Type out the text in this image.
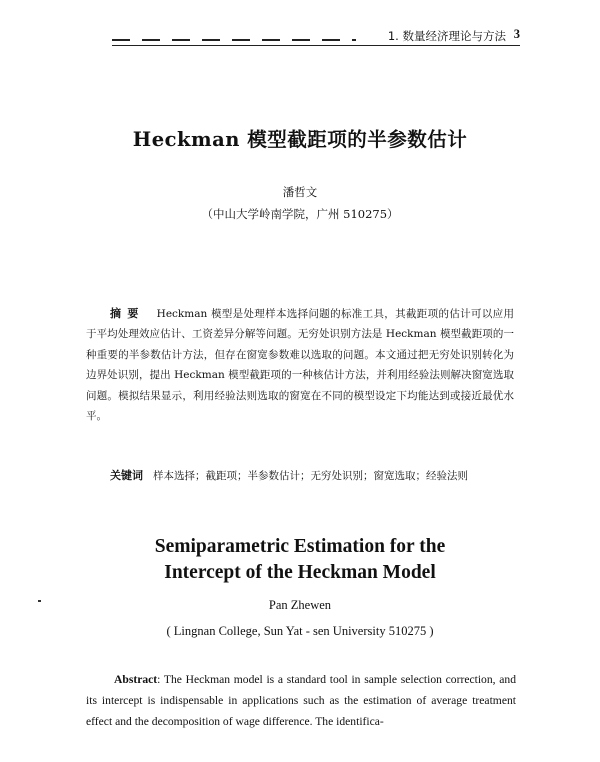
1. 数量经济理论与方法 3
Heckman 模型截距项的半参数估计
潘哲文
（中山大学岭南学院，广州 510275）

摘要 Heckman 模型是处理样本选择问题的标准工具，其截距项的估计可以应用于平均处理效应估计、工资差异分解等问题。无穷处识别方法是 Heckman 模型截距项的一种重要的半参数估计方法，但存在窗宽参数难以选取的问题。本文通过把无穷处识别转化为边界处识别，提出 Heckman 模型截距项的一种核估计方法，并利用经验法则解决窗宽选取问题。模拟结果显示，利用经验法则选取的窗宽在不同的模型设定下均能达到或接近最优水平。

关键词 样本选择；截距项；半参数估计；无穷处识别；窗宽选取；经验法则

Semiparametric Estimation for the
Intercept of the Heckman Model
Pan Zhewen
( Lingnan College, Sun Yat - sen University 510275 )

Abstract: The Heckman model is a standard tool in sample selection correction, and its intercept is indispensable in applications such as the estimation of average treatment effect and the decomposition of wage difference. The identifica-
